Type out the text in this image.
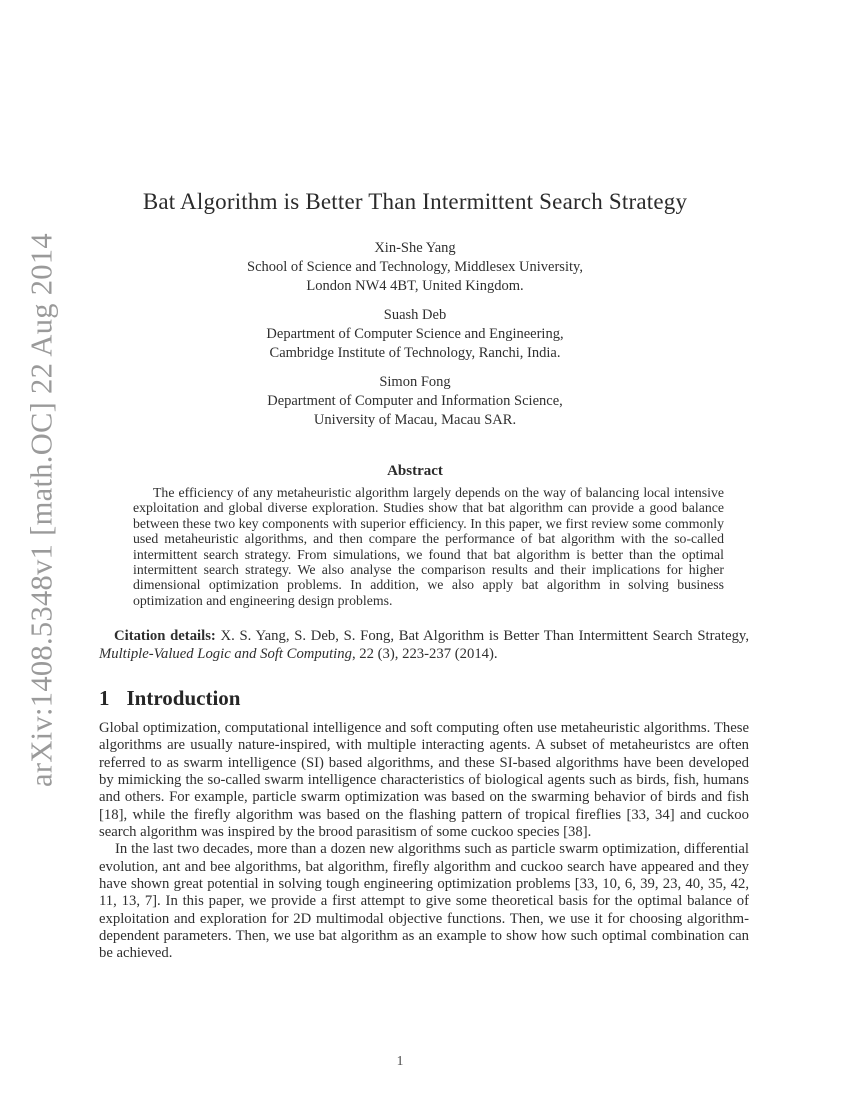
arXiv:1408.5348v1 [math.OC] 22 Aug 2014
Bat Algorithm is Better Than Intermittent Search Strategy
Xin-She Yang
School of Science and Technology, Middlesex University,
London NW4 4BT, United Kingdom.
Suash Deb
Department of Computer Science and Engineering,
Cambridge Institute of Technology, Ranchi, India.
Simon Fong
Department of Computer and Information Science,
University of Macau, Macau SAR.
Abstract

The efficiency of any metaheuristic algorithm largely depends on the way of balancing local intensive exploitation and global diverse exploration. Studies show that bat algorithm can provide a good balance between these two key components with superior efficiency. In this paper, we first review some commonly used metaheuristic algorithms, and then compare the performance of bat algorithm with the so-called intermittent search strategy. From simulations, we found that bat algorithm is better than the optimal intermittent search strategy. We also analyse the comparison results and their implications for higher dimensional optimization problems. In addition, we also apply bat algorithm in solving business optimization and engineering design problems.

Citation details: X. S. Yang, S. Deb, S. Fong, Bat Algorithm is Better Than Intermittent Search Strategy, Multiple-Valued Logic and Soft Computing, 22 (3), 223-237 (2014).

1 Introduction

Global optimization, computational intelligence and soft computing often use metaheuristic algorithms. These algorithms are usually nature-inspired, with multiple interacting agents. A subset of metaheuristcs are often referred to as swarm intelligence (SI) based algorithms, and these SI-based algorithms have been developed by mimicking the so-called swarm intelligence characteristics of biological agents such as birds, fish, humans and others. For example, particle swarm optimization was based on the swarming behavior of birds and fish [18], while the firefly algorithm was based on the flashing pattern of tropical fireflies [33, 34] and cuckoo search algorithm was inspired by the brood parasitism of some cuckoo species [38].

In the last two decades, more than a dozen new algorithms such as particle swarm optimization, differential evolution, ant and bee algorithms, bat algorithm, firefly algorithm and cuckoo search have appeared and they have shown great potential in solving tough engineering optimization problems [33, 10, 6, 39, 23, 40, 35, 42, 11, 13, 7]. In this paper, we provide a first attempt to give some theoretical basis for the optimal balance of exploitation and exploration for 2D multimodal objective functions. Then, we use it for choosing algorithm-dependent parameters. Then, we use bat algorithm as an example to show how such optimal combination can be achieved.

1
